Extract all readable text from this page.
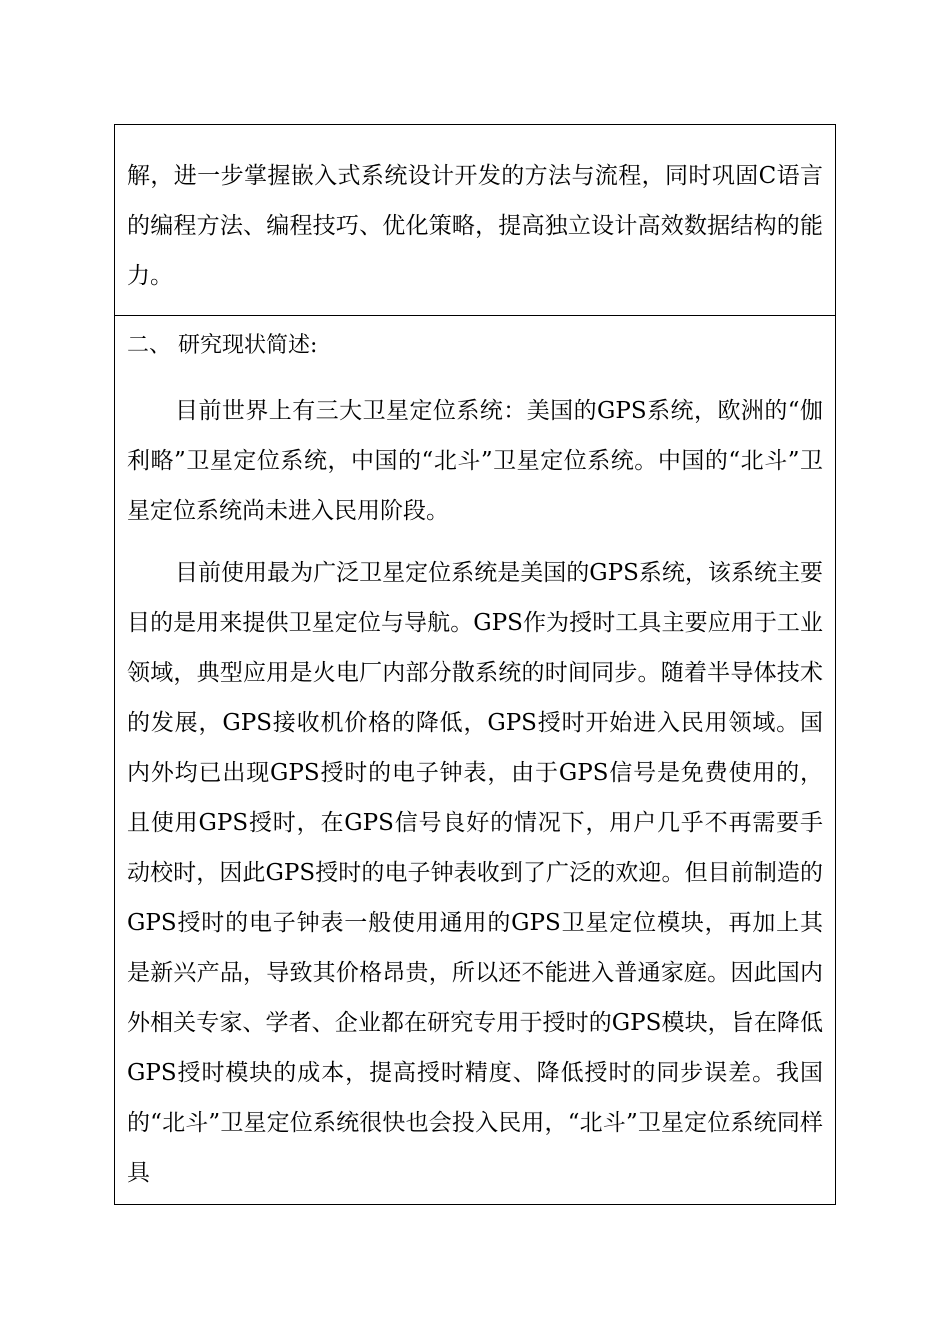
解，进一步掌握嵌入式系统设计开发的方法与流程，同时巩固C语言的编程方法、编程技巧、优化策略，提高独立设计高效数据结构的能力。

二、 研究现状简述:

目前世界上有三大卫星定位系统：美国的GPS系统，欧洲的“伽利略”卫星定位系统，中国的“北斗”卫星定位系统。中国的“北斗”卫星定位系统尚未进入民用阶段。

目前使用最为广泛卫星定位系统是美国的GPS系统，该系统主要目的是用来提供卫星定位与导航。GPS作为授时工具主要应用于工业领域，典型应用是火电厂内部分散系统的时间同步。随着半导体技术的发展，GPS接收机价格的降低，GPS授时开始进入民用领域。国内外均已出现GPS授时的电子钟表，由于GPS信号是免费使用的，且使用GPS授时，在GPS信号良好的情况下，用户几乎不再需要手动校时，因此GPS授时的电子钟表收到了广泛的欢迎。但目前制造的GPS授时的电子钟表一般使用通用的GPS卫星定位模块，再加上其是新兴产品，导致其价格昂贵，所以还不能进入普通家庭。因此国内外相关专家、学者、企业都在研究专用于授时的GPS模块，旨在降低GPS授时模块的成本，提高授时精度、降低授时的同步误差。我国的“北斗”卫星定位系统很快也会投入民用，“北斗”卫星定位系统同样具
